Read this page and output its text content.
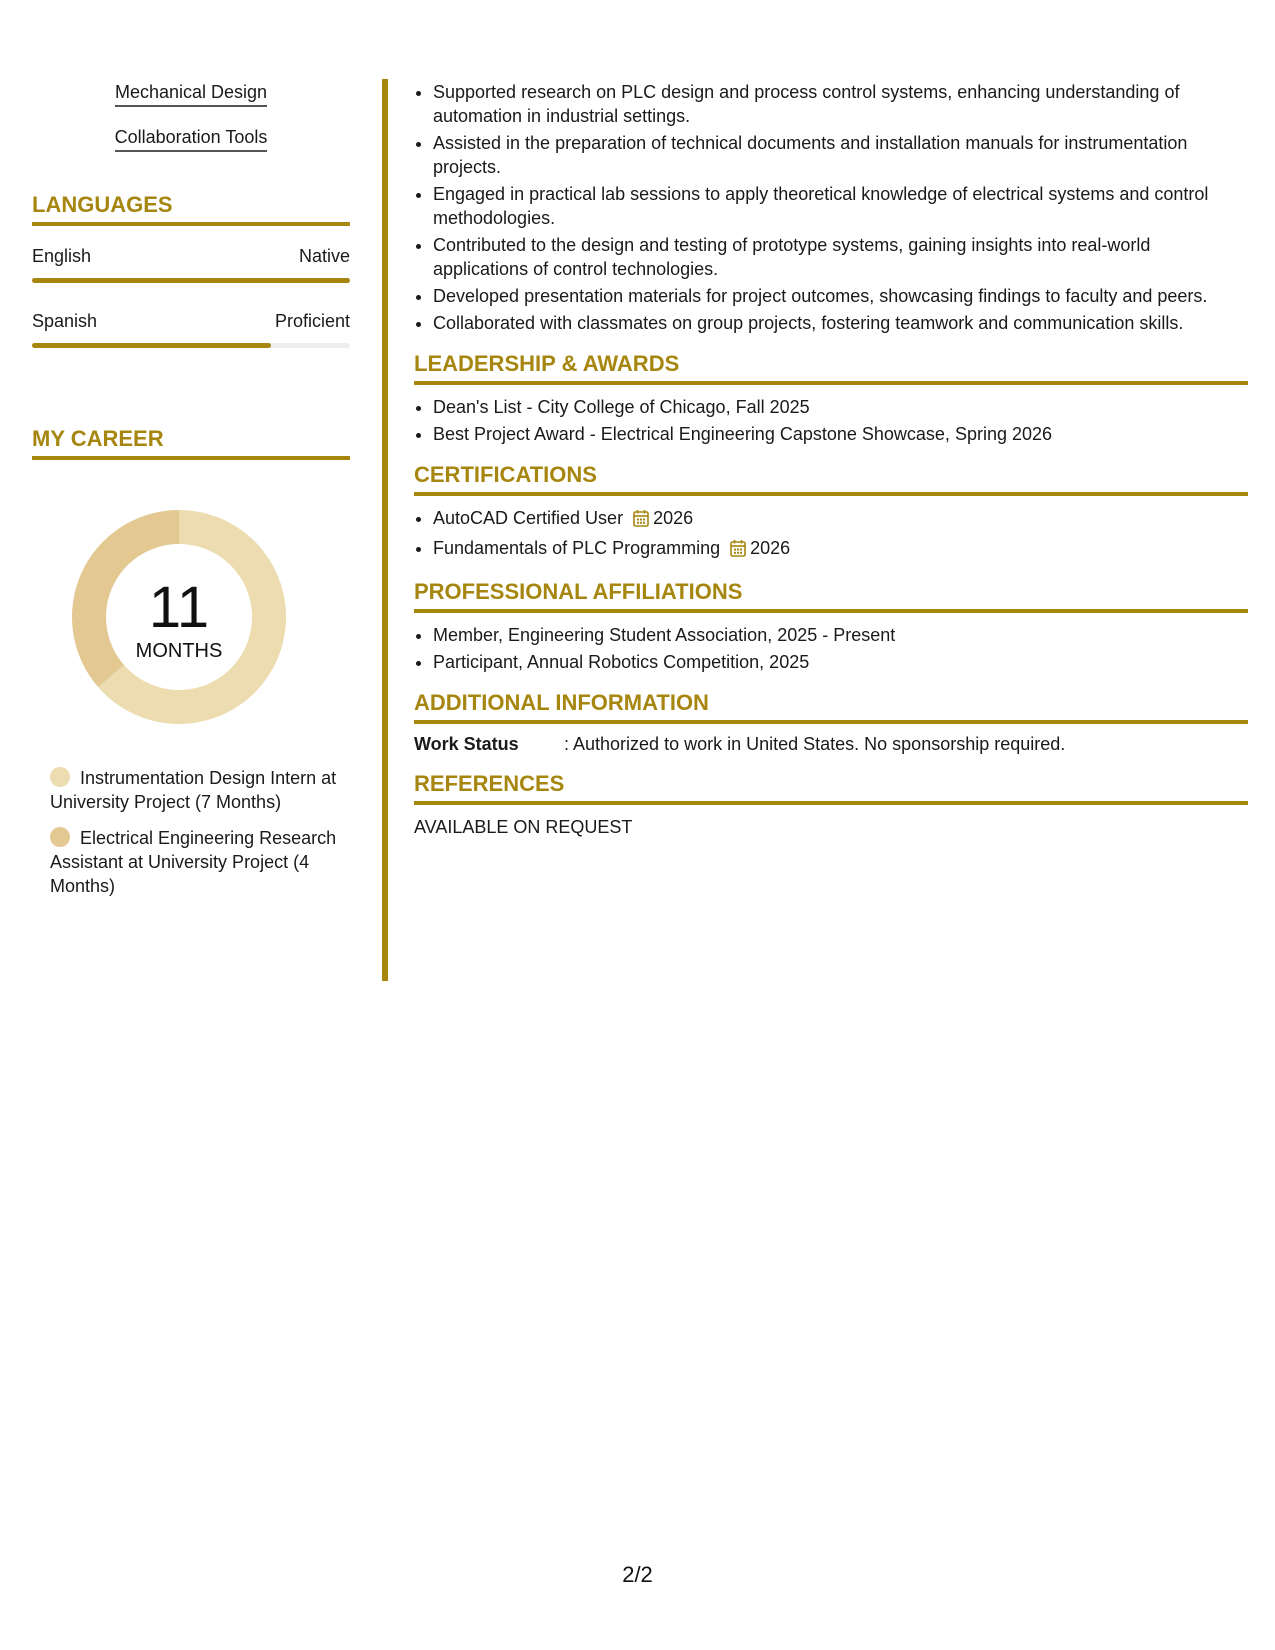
Mechanical Design
Collaboration Tools
LANGUAGES
English	Native
Spanish	Proficient
MY CAREER
11
MONTHS
Instrumentation Design Intern at University Project (7 Months)
Electrical Engineering Research Assistant at University Project (4 Months)
• Supported research on PLC design and process control systems, enhancing understanding of automation in industrial settings.
• Assisted in the preparation of technical documents and installation manuals for instrumentation projects.
• Engaged in practical lab sessions to apply theoretical knowledge of electrical systems and control methodologies.
• Contributed to the design and testing of prototype systems, gaining insights into real-world applications of control technologies.
• Developed presentation materials for project outcomes, showcasing findings to faculty and peers.
• Collaborated with classmates on group projects, fostering teamwork and communication skills.
LEADERSHIP & AWARDS
• Dean's List - City College of Chicago, Fall 2025
• Best Project Award - Electrical Engineering Capstone Showcase, Spring 2026
CERTIFICATIONS
• AutoCAD Certified User 2026
• Fundamentals of PLC Programming 2026
PROFESSIONAL AFFILIATIONS
• Member, Engineering Student Association, 2025 - Present
• Participant, Annual Robotics Competition, 2025
ADDITIONAL INFORMATION
Work Status	: Authorized to work in United States. No sponsorship required.
REFERENCES
AVAILABLE ON REQUEST
2/2
